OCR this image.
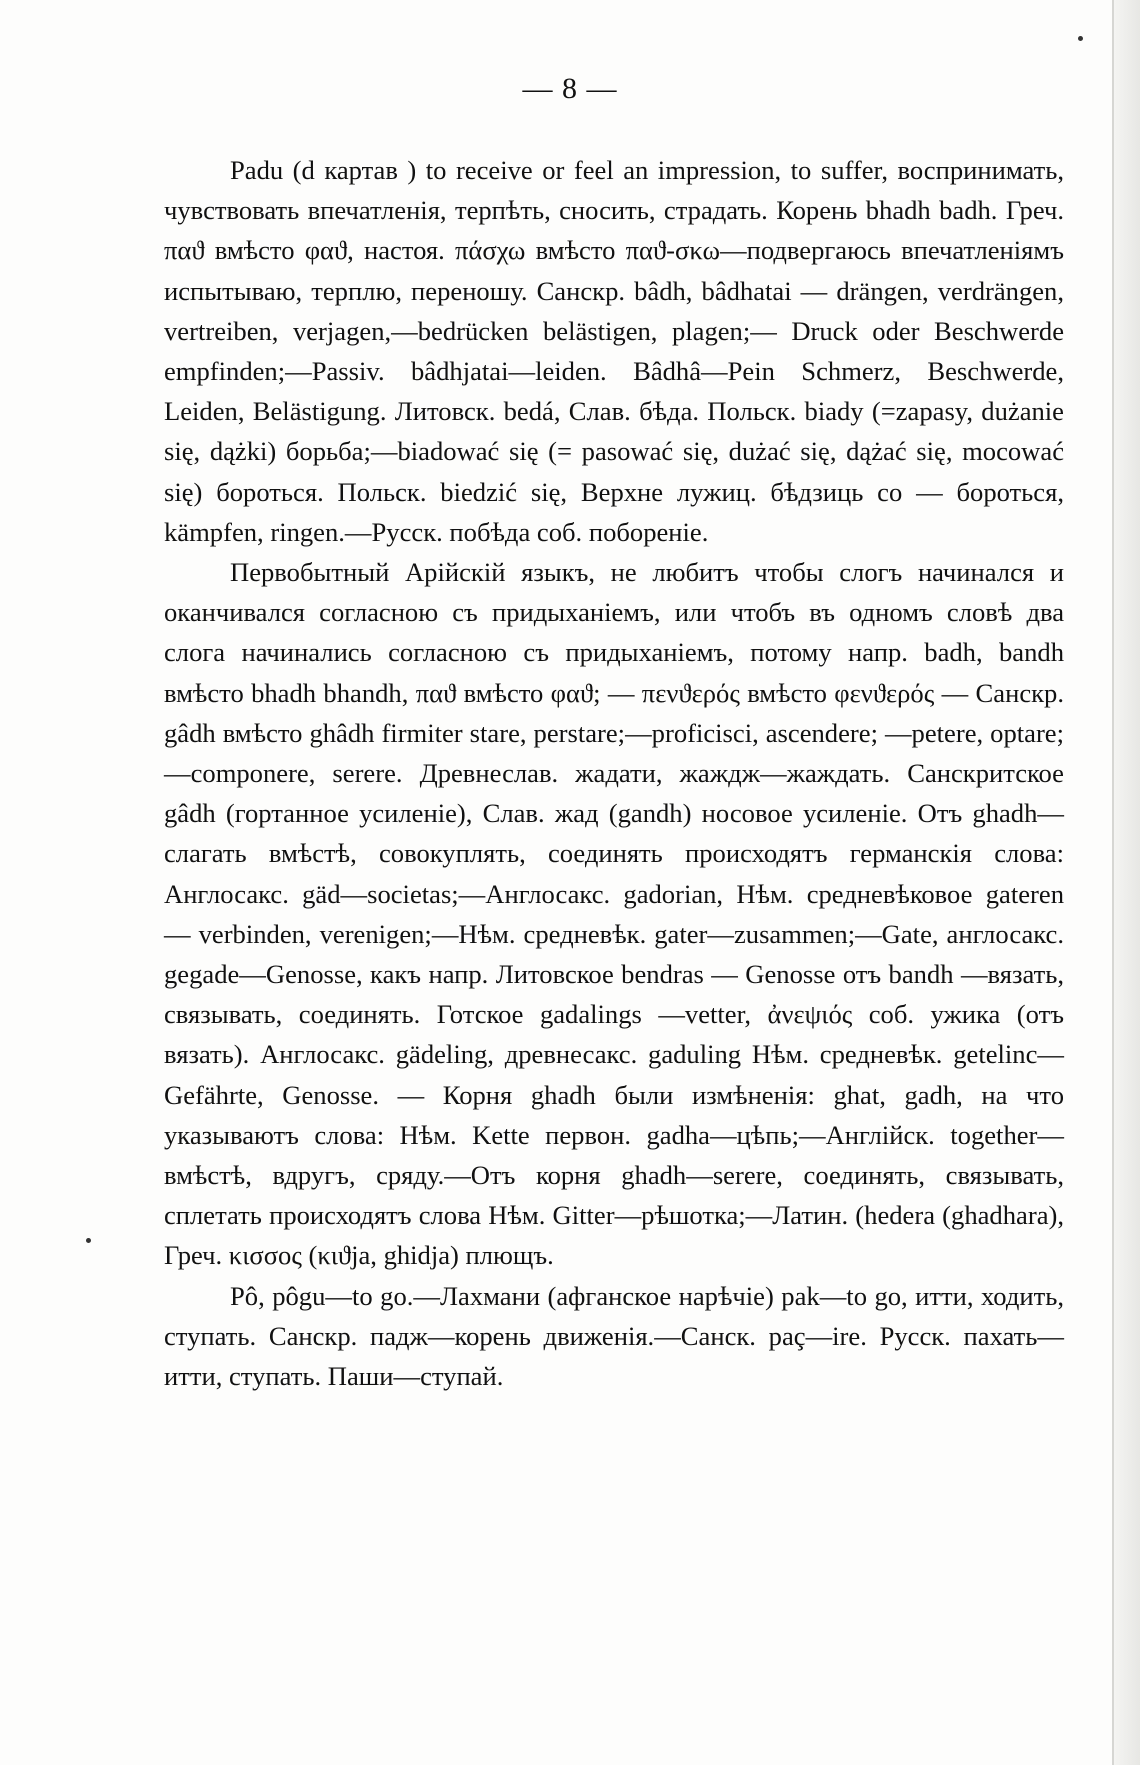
— 8 —

Padu (d картав ) to receive or feel an impression, to suffer, воспринимать, чувствовать впечатленія, терпѣть, сносить, страдать. Корень bhadh badh. Греч. παϑ вмѣсто φαϑ, настоя. πάσχω вмѣсто παϑ-σκω—подвергаюсь впечатленіямъ испытываю, терплю, переношу. Санскр. bâdh, bâdhatai — drängen, verdrängen, vertreiben, verjagen,—bedrücken belästigen, plagen;— Druck oder Beschwerde empfinden;—Passiv. bâdhjatai—leiden. Bâdhâ—Pein Schmerz, Beschwerde, Leiden, Belästigung. Литовск. bedá, Слав. бѣда. Польск. biady (=zapasy, dużanie się, dążki) борьба;—biadować się (= pasować się, dużać się, dążać się, mocować się) бороться. Польск. biedzić się, Верхне лужиц. бѣдзиць со — бороться, kämpfen, ringen.—Русск. побѣда соб. побореніе.

Первобытный Арійскій языкъ, не любитъ чтобы слогъ начинался и оканчивался согласною съ придыханіемъ, или чтобъ въ одномъ словѣ два слога начинались согласною съ придыханіемъ, потому напр. badh, bandh вмѣсто bhadh bhandh, παϑ вмѣсто φαϑ; — πενϑερός вмѣсто φενϑερός — Санскр. gâdh вмѣсто ghâdh firmiter stare, perstare;—proficisci, ascendere; —petere, optare;—componere, serere. Древнеслав. жадати, жаждж—жаждать. Санскритское gâdh (гортанное усиленіе), Слав. жад (gandh) носовое усиленіе. Отъ ghadh—слагать вмѣстѣ, совокуплять, соединять происходятъ германскія слова: Англосакс. gäd—societas;—Англосакс. gadorian, Нѣм. средневѣковое gateren — verbinden, verenigen;—Нѣм. средневѣк. gater—zusammen;—Gate, англосакс. gegade—Genosse, какъ напр. Литовское bendras — Genosse отъ bandh —вязать, связывать, соединять. Готское gadalings —vetter, ἀνεψιός соб. ужика (отъ вязать). Англосакс. gädeling, древнесакс. gaduling Нѣм. средневѣк. getelinc—Gefährte, Genosse. — Корня ghadh были измѣненія: ghat, gadh, на что указываютъ слова: Нѣм. Kette первон. gadha—цѣпь;—Англійск. together—вмѣстѣ, вдругъ, сряду.—Отъ корня ghadh—serere, соединять, связывать, сплетать происходятъ слова Нѣм. Gitter—рѣшотка;—Латин. (hedera (ghadhara), Греч. κισσος (κιϑja, ghidja) плющъ.

Pô, pôgu—to go.—Лахмани (афганское нарѣчіе) pak—to go, итти, ходить, ступать. Санскр. падж—корень движенія.—Санск. paç—ire. Русск. пахать—итти, ступать. Паши—ступай.
